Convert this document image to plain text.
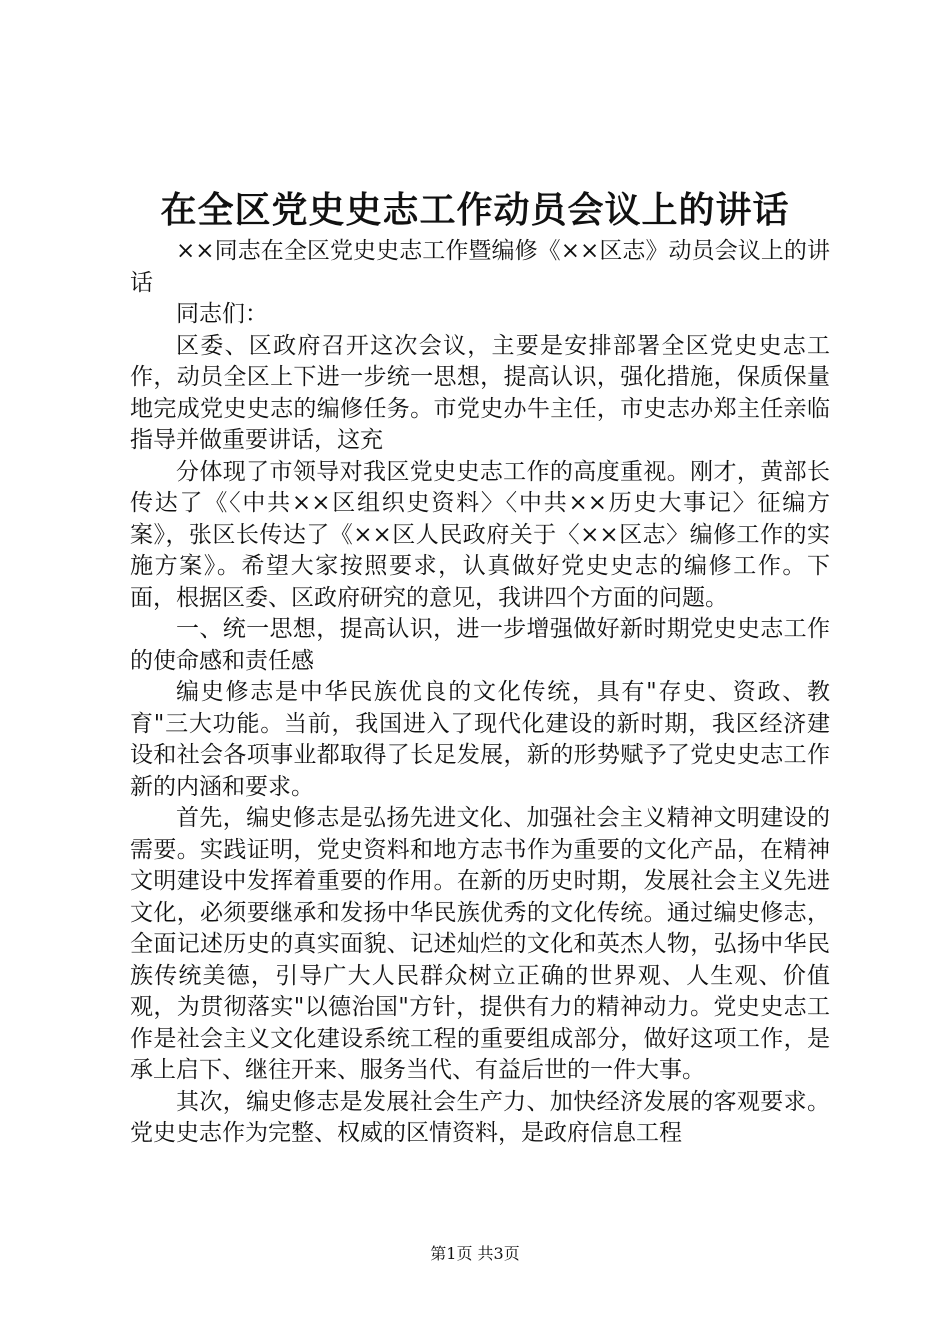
在全区党史史志工作动员会议上的讲话

××同志在全区党史史志工作暨编修《××区志》动员会议上的讲话

同志们：

区委、区政府召开这次会议，主要是安排部署全区党史史志工作，动员全区上下进一步统一思想，提高认识，强化措施，保质保量地完成党史史志的编修任务。市党史办牛主任，市史志办郑主任亲临指导并做重要讲话，这充

分体现了市领导对我区党史史志工作的高度重视。刚才，黄部长传达了《〈中共××区组织史资料〉〈中共××历史大事记〉征编方案》，张区长传达了《××区人民政府关于〈××区志〉编修工作的实施方案》。希望大家按照要求，认真做好党史史志的编修工作。下面，根据区委、区政府研究的意见，我讲四个方面的问题。

一、统一思想，提高认识，进一步增强做好新时期党史史志工作的使命感和责任感

编史修志是中华民族优良的文化传统，具有"存史、资政、教育"三大功能。当前，我国进入了现代化建设的新时期，我区经济建设和社会各项事业都取得了长足发展，新的形势赋予了党史史志工作新的内涵和要求。

首先，编史修志是弘扬先进文化、加强社会主义精神文明建设的需要。实践证明，党史资料和地方志书作为重要的文化产品，在精神文明建设中发挥着重要的作用。在新的历史时期，发展社会主义先进文化，必须要继承和发扬中华民族优秀的文化传统。通过编史修志，全面记述历史的真实面貌、记述灿烂的文化和英杰人物，弘扬中华民族传统美德，引导广大人民群众树立正确的世界观、人生观、价值观，为贯彻落实"以德治国"方针，提供有力的精神动力。党史史志工作是社会主义文化建设系统工程的重要组成部分，做好这项工作，是承上启下、继往开来、服务当代、有益后世的一件大事。

其次，编史修志是发展社会生产力、加快经济发展的客观要求。党史史志作为完整、权威的区情资料，是政府信息工程

第1页 共3页
